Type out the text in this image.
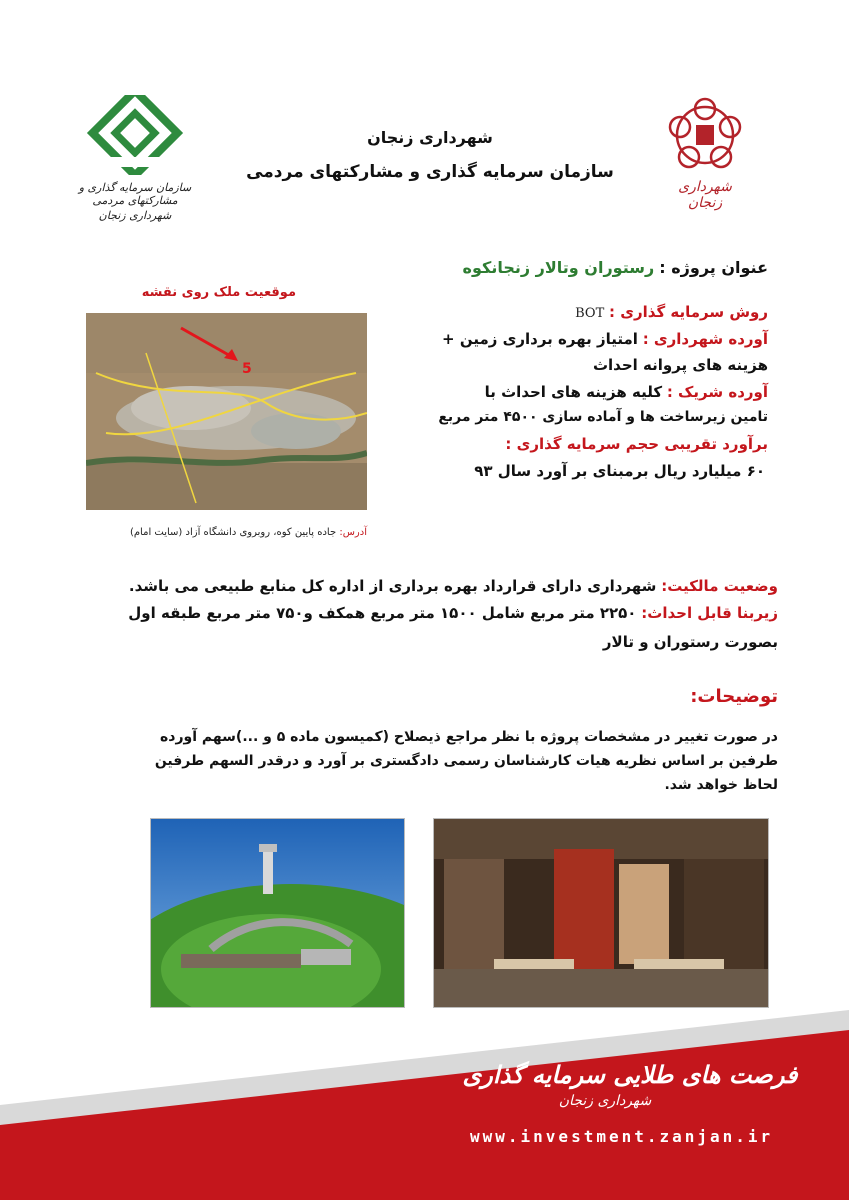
سازمان سرمایه گذاری و مشارکتهای مردمی
شهرداری زنجان
شهرداری زنجان
سازمان سرمایه گذاری و مشارکتهای مردمی
شهرداری زنجان
موقعیت ملک روی نقشه
5
آدرس: جاده پایین کوه، روبروی دانشگاه آزاد (سایت امام)
عنوان پروژه : رستوران وتالار زنجانکوه
روش سرمایه گذاری : BOT
آورده شهرداری : امتیاز بهره برداری زمین +
هزینه های پروانه احداث
آورده شریک : کلیه هزینه های احداث با
تامین زیرساخت ها و آماده سازی ۴۵۰۰ متر مربع
برآورد تقریبی حجم سرمایه گذاری :
۶۰ میلیارد ریال برمبنای بر آورد سال ۹۳
وضعیت مالکیت: شهرداری دارای قرارداد بهره برداری از اداره کل منابع طبیعی می باشد.
زیربنا قابل احداث: ۲۲۵۰ متر مربع شامل ۱۵۰۰ متر مربع همکف و۷۵۰ متر مربع طبقه اول
بصورت رستوران و تالار
توضیحات:
در صورت تغییر در مشخصات پروژه با نظر مراجع ذیصلاح (کمیسون ماده ۵ و ...)سهم آورده
طرفین بر اساس نظریه هیات کارشناسان رسمی دادگستری بر آورد و درقدر السهم طرفین
لحاظ خواهد شد.
فرصت های طلایی سرمایه گذاری
شهرداری زنجان
www.investment.zanjan.ir
